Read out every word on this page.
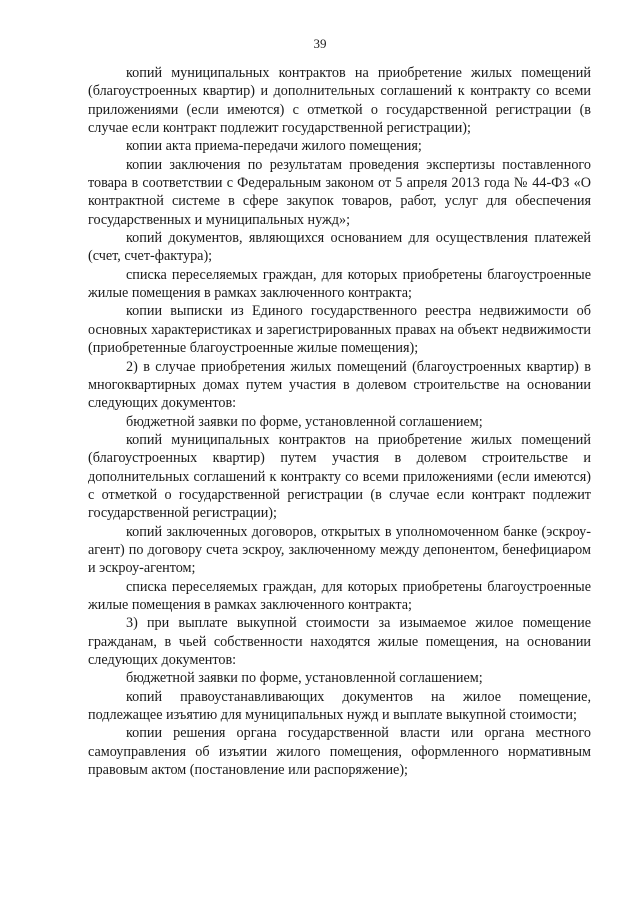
39

копий муниципальных контрактов на приобретение жилых помещений (благоустроенных квартир) и дополнительных соглашений к контракту со всеми приложениями (если имеются) с отметкой о государственной регистрации (в случае если контракт подлежит государственной регистрации);

копии акта приема-передачи жилого помещения;

копии заключения по результатам проведения экспертизы поставленного товара в соответствии с Федеральным законом от 5 апреля 2013 года № 44-ФЗ «О контрактной системе в сфере закупок товаров, работ, услуг для обеспечения государственных и муниципальных нужд»;

копий документов, являющихся основанием для осуществления платежей (счет, счет-фактура);

списка переселяемых граждан, для которых приобретены благоустроенные жилые помещения в рамках заключенного контракта;

копии выписки из Единого государственного реестра недвижимости об основных характеристиках и зарегистрированных правах на объект недвижимости (приобретенные благоустроенные жилые помещения);

2) в случае приобретения жилых помещений (благоустроенных квартир) в многоквартирных домах путем участия в долевом строительстве на основании следующих документов:

бюджетной заявки по форме, установленной соглашением;

копий муниципальных контрактов на приобретение жилых помещений (благоустроенных квартир) путем участия в долевом строительстве и дополнительных соглашений к контракту со всеми приложениями (если имеются) с отметкой о государственной регистрации (в случае если контракт подлежит государственной регистрации);

копий заключенных договоров, открытых в уполномоченном банке (эскроу-агент) по договору счета эскроу, заключенному между депонентом, бенефициаром и эскроу-агентом;

списка переселяемых граждан, для которых приобретены благоустроенные жилые помещения в рамках заключенного контракта;

3) при выплате выкупной стоимости за изымаемое жилое помещение гражданам, в чьей собственности находятся жилые помещения, на основании следующих документов:

бюджетной заявки по форме, установленной соглашением;

копий правоустанавливающих документов на жилое помещение, подлежащее изъятию для муниципальных нужд и выплате выкупной стоимости;

копии решения органа государственной власти или органа местного самоуправления об изъятии жилого помещения, оформленного нормативным правовым актом (постановление или распоряжение);
